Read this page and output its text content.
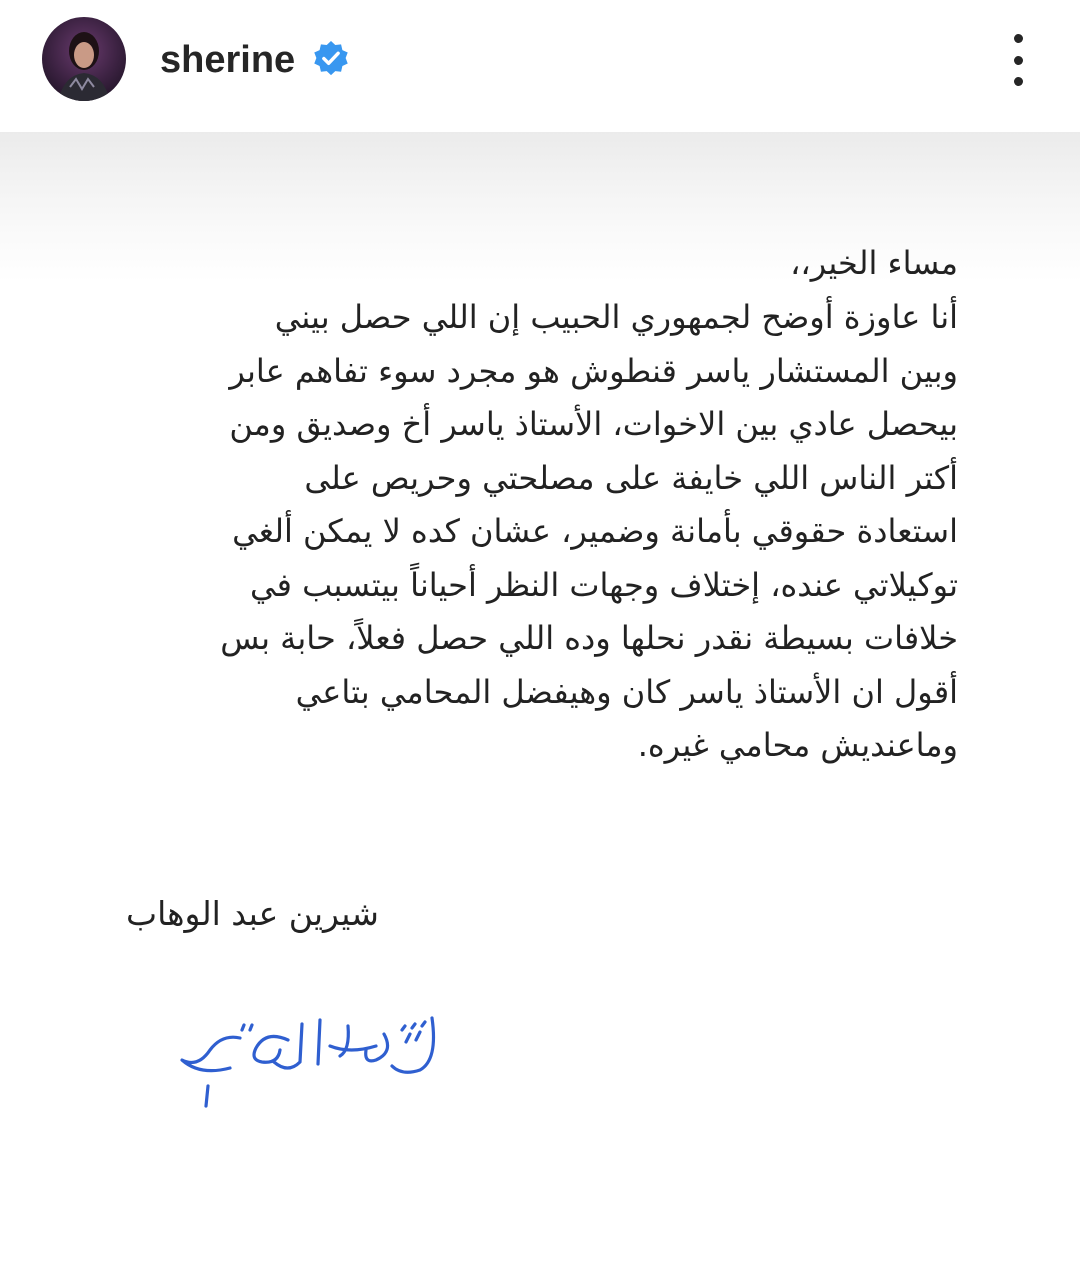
sherine
مساء الخير،،
أنا عاوزة أوضح لجمهوري الحبيب إن اللي حصل بيني
وبين المستشار ياسر قنطوش هو مجرد سوء تفاهم عابر
بيحصل عادي بين الاخوات، الأستاذ ياسر أخ وصديق ومن
أكتر الناس اللي خايفة على مصلحتي وحريص على
استعادة حقوقي بأمانة وضمير، عشان كده لا يمكن ألغي
توكيلاتي عنده، إختلاف وجهات النظر أحياناً بيتسبب في
خلافات بسيطة نقدر نحلها وده اللي حصل فعلاً، حابة بس
أقول ان الأستاذ ياسر كان وهيفضل المحامي بتاعي
وماعنديش محامي غيره.
شيرين عبد الوهاب
